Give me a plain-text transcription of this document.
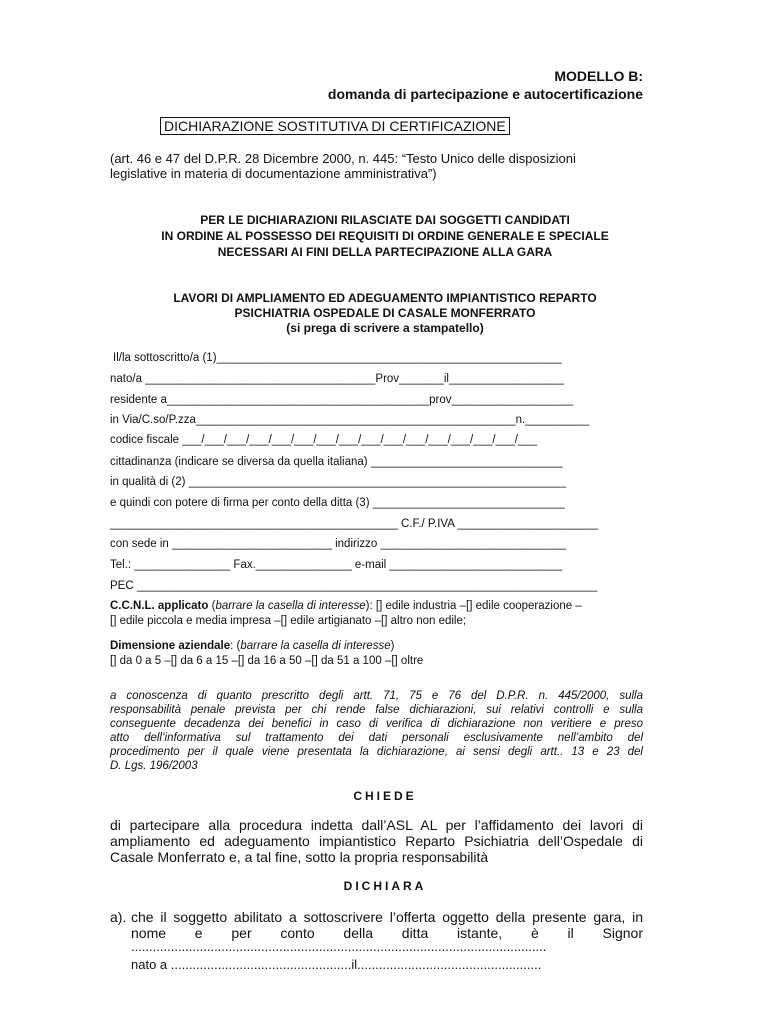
MODELLO B:
domanda di partecipazione e autocertificazione
DICHIARAZIONE SOSTITUTIVA DI CERTIFICAZIONE
(art. 46 e 47 del D.P.R. 28 Dicembre 2000, n. 445: “Testo Unico delle disposizioni
legislative in materia di documentazione amministrativa”)
PER LE DICHIARAZIONI RILASCIATE DAI SOGGETTI CANDIDATI
IN ORDINE AL POSSESSO DEI REQUISITI DI ORDINE GENERALE E SPECIALE
NECESSARI AI FINI DELLA PARTECIPAZIONE ALLA GARA
LAVORI DI AMPLIAMENTO ED ADEGUAMENTO IMPIANTISTICO REPARTO
PSICHIATRIA OSPEDALE DI CASALE MONFERRATO
(si prega di scrivere a stampatello)
Il/la sottoscritto/a (1)______________________________________________________
nato/a ____________________________________Prov_______il__________________
residente a_________________________________________prov___________________
in Via/C.so/P.zza__________________________________________________n.__________
codice fiscale ___/___/___/___/___/___/___/___/___/___/___/___/___/___/___/___
cittadinanza (indicare se diversa da quella italiana) ______________________________
in qualità di (2) ___________________________________________________________
e quindi con potere di firma per conto della ditta (3) ______________________________
_____________________________________________ C.F./ P.IVA ______________________
con sede in _________________________ indirizzo _____________________________
Tel.: _______________ Fax._______________ e-mail ___________________________
PEC ________________________________________________________________________
C.C.N.L. applicato (barrare la casella di interesse): [] edile industria –[] edile cooperazione –
[] edile piccola e media impresa –[] edile artigianato –[] altro non edile;
Dimensione aziendale: (barrare la casella di interesse)
[] da 0 a 5 –[] da 6 a 15 –[] da 16 a 50 –[] da 51 a 100 –[] oltre
a conoscenza di quanto prescritto degli artt. 71, 75 e 76 del D.P.R. n. 445/2000, sulla
responsabilità penale prevista per chi rende false dichiarazioni, sui relativi controlli e sulla
conseguente decadenza dei benefici in caso di verifica di dichiarazione non veritiere e preso
atto dell’informativa sul trattamento dei dati personali esclusivamente nell’ambito del
procedimento per il quale viene presentata la dichiarazione, ai sensi degli artt.. 13 e 23 del
D. Lgs. 196/2003
CHIEDE
di partecipare alla procedura indetta dall’ASL AL per l’affidamento dei lavori di
ampliamento ed adeguamento impiantistico Reparto Psichiatria dell’Ospedale di
Casale Monferrato e, a tal fine, sotto la propria responsabilità
DICHIARA
a). che il soggetto abilitato a sottoscrivere l’offerta oggetto della presente gara, in
nome e per conto della ditta istante, è il Signor
...................................................................................................................
nato a ..................................................il...................................................
